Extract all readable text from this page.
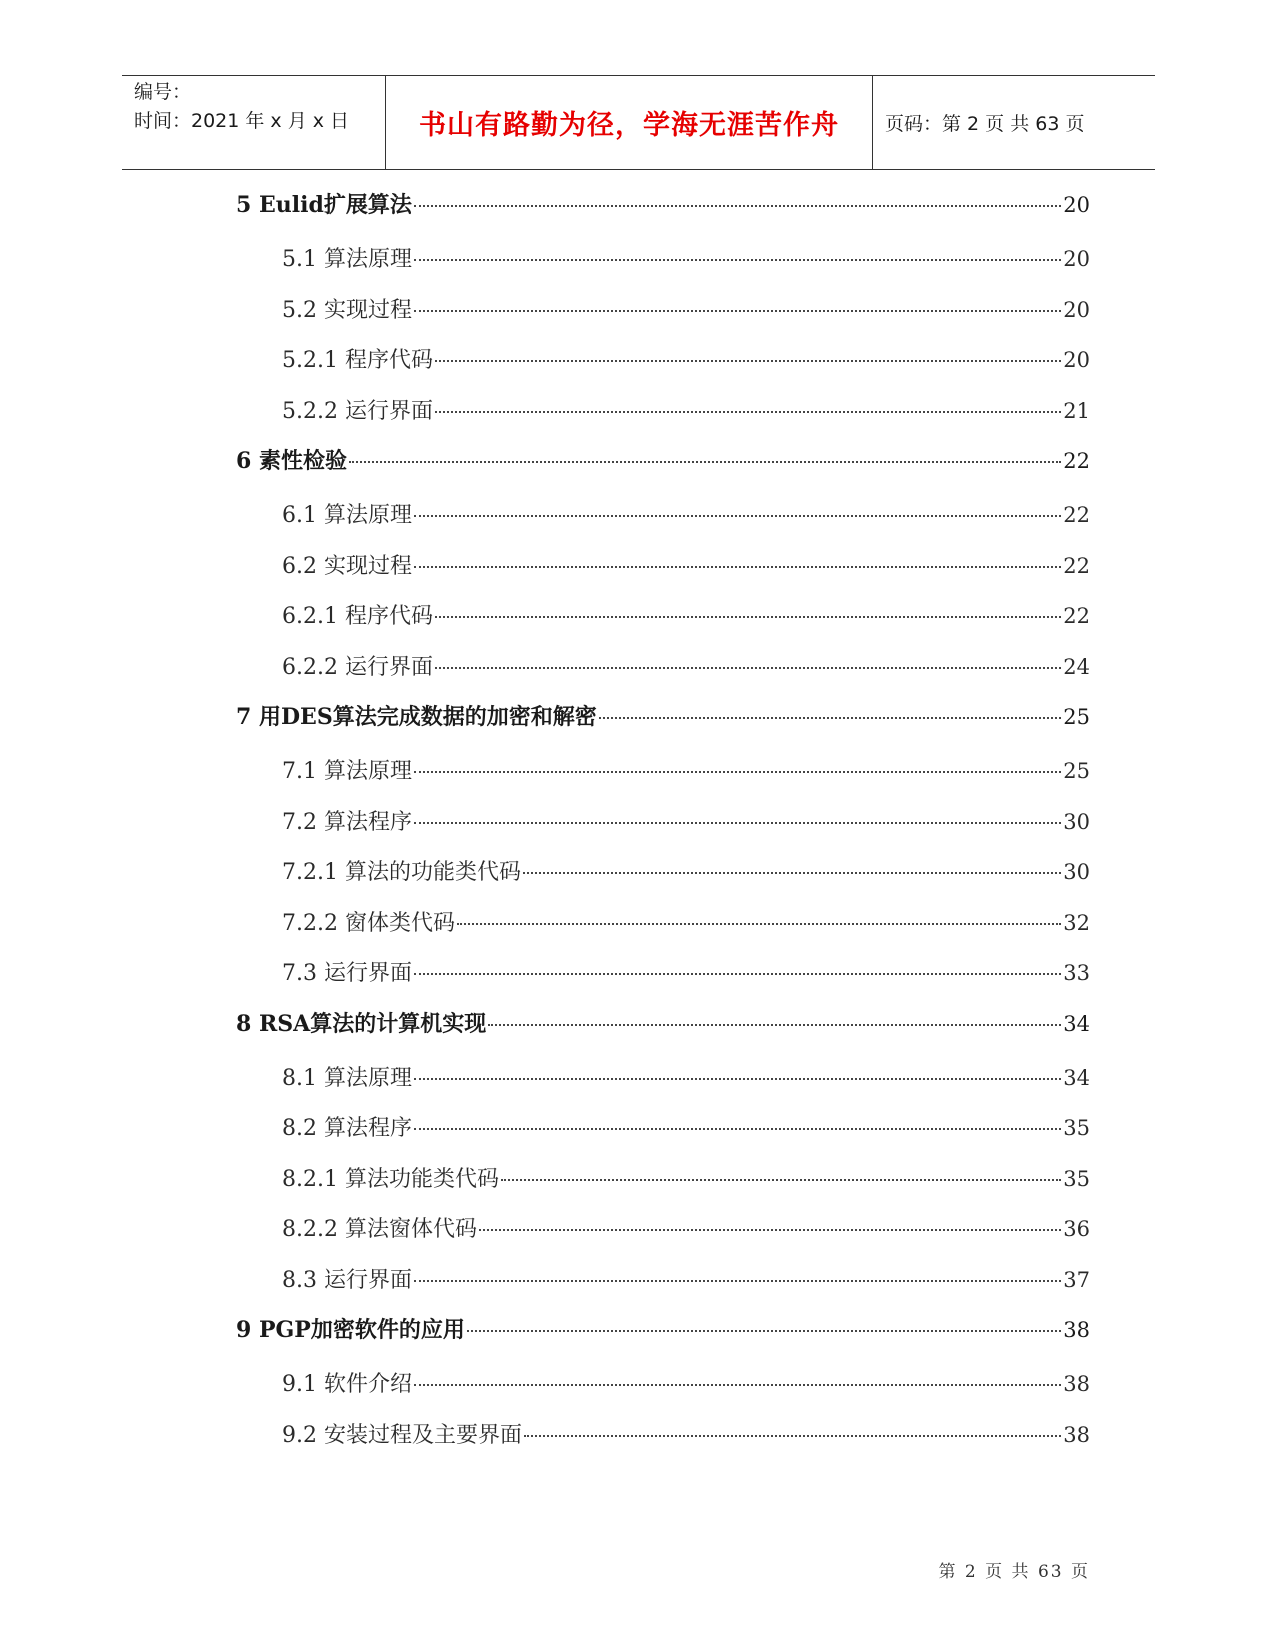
编号：
时间：2021 年 x 月 x 日	书山有路勤为径，学海无涯苦作舟 页码：第 2 页 共 63 页
5 Eulid扩展算法	20
5.1 算法原理	20
5.2 实现过程	20
5.2.1 程序代码	20
5.2.2 运行界面	21
6 素性检验	22
6.1 算法原理	22
6.2 实现过程	22
6.2.1 程序代码	22
6.2.2 运行界面	24
7 用DES算法完成数据的加密和解密	25
7.1 算法原理	25
7.2 算法程序	30
7.2.1 算法的功能类代码	30
7.2.2 窗体类代码	32
7.3 运行界面	33
8 RSA算法的计算机实现	34
8.1 算法原理	34
8.2 算法程序	35
8.2.1 算法功能类代码	35
8.2.2 算法窗体代码	36
8.3 运行界面	37
9 PGP加密软件的应用	38
9.1 软件介绍	38
9.2 安装过程及主要界面	38
第 2 页 共 63 页
